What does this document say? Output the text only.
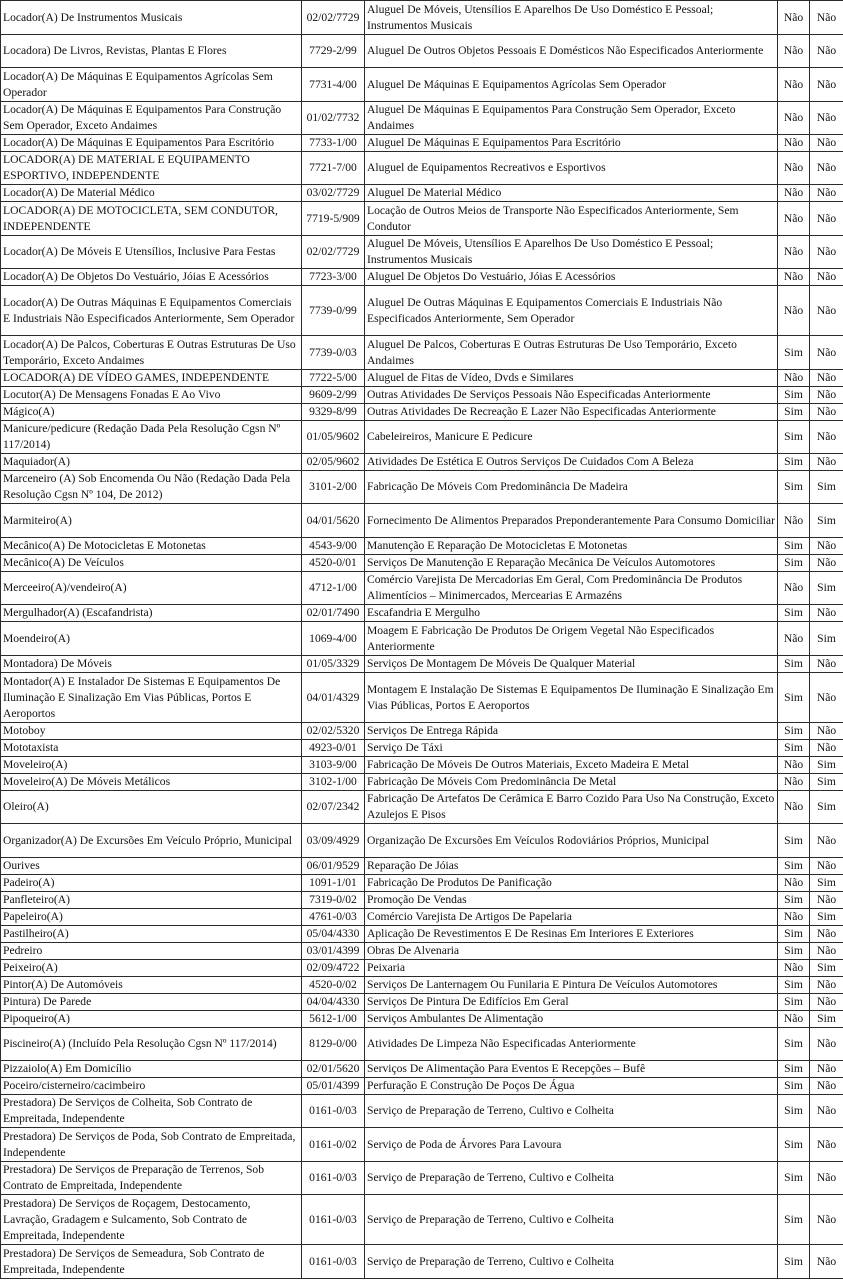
Locador(A) De Instrumentos Musicais	02/02/7729	Aluguel De Móveis, Utensílios E Aparelhos De Uso Doméstico E Pessoal; Instrumentos Musicais	Não	Não
Locadora) De Livros, Revistas, Plantas E Flores	7729-2/99	Aluguel De Outros Objetos Pessoais E Domésticos Não Especificados Anteriormente	Não	Não
Locador(A) De Máquinas E Equipamentos Agrícolas Sem Operador	7731-4/00	Aluguel De Máquinas E Equipamentos Agrícolas Sem Operador	Não	Não
Locador(A) De Máquinas E Equipamentos Para Construção Sem Operador, Exceto Andaimes	01/02/7732	Aluguel De Máquinas E Equipamentos Para Construção Sem Operador, Exceto Andaimes	Não	Não
Locador(A) De Máquinas E Equipamentos Para Escritório	7733-1/00	Aluguel De Máquinas E Equipamentos Para Escritório	Não	Não
LOCADOR(A) DE MATERIAL E EQUIPAMENTO ESPORTIVO, INDEPENDENTE	7721-7/00	Aluguel de Equipamentos Recreativos e Esportivos	Não	Não
Locador(A) De Material Médico	03/02/7729	Aluguel De Material Médico	Não	Não
LOCADOR(A) DE MOTOCICLETA, SEM CONDUTOR, INDEPENDENTE	7719-5/909	Locação de Outros Meios de Transporte Não Especificados Anteriormente, Sem Condutor	Não	Não
Locador(A) De Móveis E Utensílios, Inclusive Para Festas	02/02/7729	Aluguel De Móveis, Utensílios E Aparelhos De Uso Doméstico E Pessoal; Instrumentos Musicais	Não	Não
Locador(A) De Objetos Do Vestuário, Jóias E Acessórios	7723-3/00	Aluguel De Objetos Do Vestuário, Jóias E Acessórios	Não	Não
Locador(A) De Outras Máquinas E Equipamentos Comerciais E Industriais Não Especificados Anteriormente, Sem Operador	7739-0/99	Aluguel De Outras Máquinas E Equipamentos Comerciais E Industriais Não Especificados Anteriormente, Sem Operador	Não	Não
Locador(A) De Palcos, Coberturas E Outras Estruturas De Uso Temporário, Exceto Andaimes	7739-0/03	Aluguel De Palcos, Coberturas E Outras Estruturas De Uso Temporário, Exceto Andaimes	Sim	Não
LOCADOR(A) DE VÍDEO GAMES, INDEPENDENTE	7722-5/00	Aluguel de Fitas de Vídeo, Dvds e Similares	Não	Não
Locutor(A) De Mensagens Fonadas E Ao Vivo	9609-2/99	Outras Atividades De Serviços Pessoais Não Especificadas Anteriormente	Sim	Não
Mágico(A)	9329-8/99	Outras Atividades De Recreação E Lazer Não Especificadas Anteriormente	Sim	Não
Manicure/pedicure (Redação Dada Pela Resolução Cgsn Nº 117/2014)	01/05/9602	Cabeleireiros, Manicure E Pedicure	Sim	Não
Maquiador(A)	02/05/9602	Atividades De Estética E Outros Serviços De Cuidados Com A Beleza	Sim	Não
Marceneiro (A) Sob Encomenda Ou Não (Redação Dada Pela Resolução Cgsn Nº 104, De 2012)	3101-2/00	Fabricação De Móveis Com Predominância De Madeira	Sim	Sim
Marmiteiro(A)	04/01/5620	Fornecimento De Alimentos Preparados Preponderantemente Para Consumo Domiciliar	Não	Sim
Mecânico(A) De Motocicletas E Motonetas	4543-9/00	Manutenção E Reparação De Motocicletas E Motonetas	Sim	Não
Mecânico(A) De Veículos	4520-0/01	Serviços De Manutenção E Reparação Mecânica De Veículos Automotores	Sim	Não
Merceeiro(A)/vendeiro(A)	4712-1/00	Comércio Varejista De Mercadorias Em Geral, Com Predominância De Produtos Alimentícios – Minimercados, Mercearias E Armazéns	Não	Sim
Mergulhador(A) (Escafandrista)	02/01/7490	Escafandria E Mergulho	Sim	Não
Moendeiro(A)	1069-4/00	Moagem E Fabricação De Produtos De Origem Vegetal Não Especificados Anteriormente	Não	Sim
Montadora) De Móveis	01/05/3329	Serviços De Montagem De Móveis De Qualquer Material	Sim	Não
Montador(A) E Instalador De Sistemas E Equipamentos De Iluminação E Sinalização Em Vias Públicas, Portos E Aeroportos	04/01/4329	Montagem E Instalação De Sistemas E Equipamentos De Iluminação E Sinalização Em Vias Públicas, Portos E Aeroportos	Sim	Não
Motoboy	02/02/5320	Serviços De Entrega Rápida	Sim	Não
Mototaxista	4923-0/01	Serviço De Táxi	Sim	Não
Moveleiro(A)	3103-9/00	Fabricação De Móveis De Outros Materiais, Exceto Madeira E Metal	Não	Sim
Moveleiro(A) De Móveis Metálicos	3102-1/00	Fabricação De Móveis Com Predominância De Metal	Não	Sim
Oleiro(A)	02/07/2342	Fabricação De Artefatos De Cerâmica E Barro Cozido Para Uso Na Construção, Exceto Azulejos E Pisos	Não	Sim
Organizador(A) De Excursões Em Veículo Próprio, Municipal	03/09/4929	Organização De Excursões Em Veículos Rodoviários Próprios, Municipal	Sim	Não
Ourives	06/01/9529	Reparação De Jóias	Sim	Não
Padeiro(A)	1091-1/01	Fabricação De Produtos De Panificação	Não	Sim
Panfleteiro(A)	7319-0/02	Promoção De Vendas	Sim	Não
Papeleiro(A)	4761-0/03	Comércio Varejista De Artigos De Papelaria	Não	Sim
Pastilheiro(A)	05/04/4330	Aplicação De Revestimentos E De Resinas Em Interiores E Exteriores	Sim	Não
Pedreiro	03/01/4399	Obras De Alvenaria	Sim	Não
Peixeiro(A)	02/09/4722	Peixaria	Não	Sim
Pintor(A) De Automóveis	4520-0/02	Serviços De Lanternagem Ou Funilaria E Pintura De Veículos Automotores	Sim	Não
Pintura) De Parede	04/04/4330	Serviços De Pintura De Edifícios Em Geral	Sim	Não
Pipoqueiro(A)	5612-1/00	Serviços Ambulantes De Alimentação	Não	Sim
Piscineiro(A) (Incluído Pela Resolução Cgsn Nº 117/2014)	8129-0/00	Atividades De Limpeza Não Especificadas Anteriormente	Sim	Não
Pizzaiolo(A) Em Domicílio	02/01/5620	Serviços De Alimentação Para Eventos E Recepções – Bufê	Sim	Não
Poceiro/cisterneiro/cacimbeiro	05/01/4399	Perfuração E Construção De Poços De Água	Sim	Não
Prestadora) De Serviços de Colheita, Sob Contrato de Empreitada, Independente	0161-0/03	Serviço de Preparação de Terreno, Cultivo e Colheita	Sim	Não
Prestadora) De Serviços de Poda, Sob Contrato de Empreitada, Independente	0161-0/02	Serviço de Poda de Árvores Para Lavoura	Sim	Não
Prestadora) De Serviços de Preparação de Terrenos, Sob Contrato de Empreitada, Independente	0161-0/03	Serviço de Preparação de Terreno, Cultivo e Colheita	Sim	Não
Prestadora) De Serviços de Roçagem, Destocamento, Lavração, Gradagem e Sulcamento, Sob Contrato de Empreitada, Independente	0161-0/03	Serviço de Preparação de Terreno, Cultivo e Colheita	Sim	Não
Prestadora) De Serviços de Semeadura, Sob Contrato de Empreitada, Independente	0161-0/03	Serviço de Preparação de Terreno, Cultivo e Colheita	Sim	Não
